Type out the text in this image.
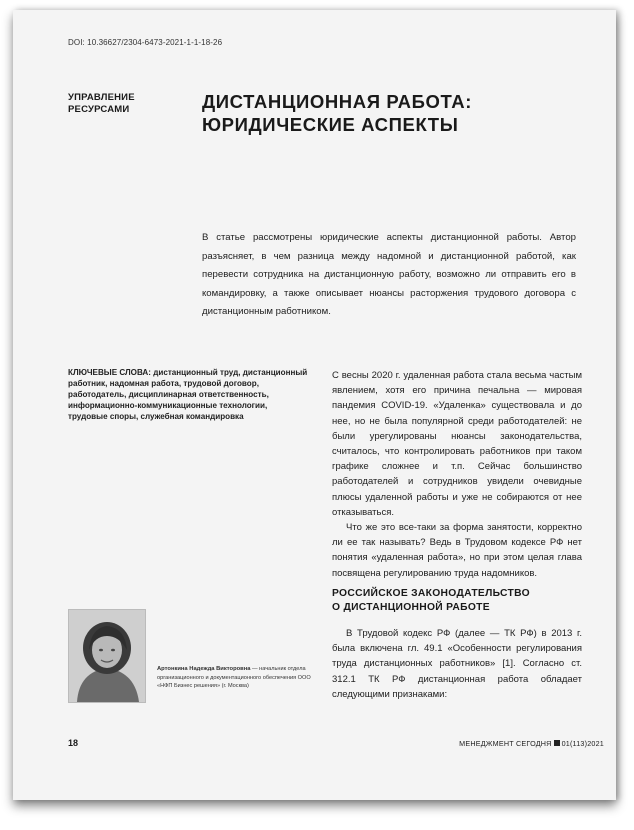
DOI: 10.36627/2304-6473-2021-1-1-18-26
УПРАВЛЕНИЕ
РЕСУРСАМИ	ДИСТАНЦИОННАЯ РАБОТА:
ЮРИДИЧЕСКИЕ АСПЕКТЫ
В статье рассмотрены юридические аспекты дистанционной работы. Автор разъясняет, в чем разница между надомной и дистанционной работой, как перевести сотрудника на дистанционную работу, возможно ли отправить его в командировку, а также описывает нюансы расторжения трудового договора с дистанционным работником.
КЛЮЧЕВЫЕ СЛОВА: дистанционный труд, дистанционный работник, надомная работа, трудовой договор, работодатель, дисциплинарная ответственность, информационно-коммуникационные технологии, трудовые споры, служебная командировка

С весны 2020 г. удаленная работа стала весьма частым явлением, хотя его причина печальна — мировая пандемия COVID-19. «Удаленка» существовала и до нее, но не была популярной среди работодателей: не были урегулированы нюансы законодательства, считалось, что контролировать работников при таком графике сложнее и т.п. Сейчас большинство работодателей и сотрудников увидели очевидные плюсы удаленной работы и уже не собираются от нее отказываться.

Что же это все-таки за форма занятости, корректно ли ее так называть? Ведь в Трудовом кодексе РФ нет понятия «удаленная работа», но при этом целая глава посвящена регулированию труда надомников.

РОССИЙСКОЕ ЗАКОНОДАТЕЛЬСТВО
О ДИСТАНЦИОННОЙ РАБОТЕ

В Трудовой кодекс РФ (далее — ТК РФ) в 2013 г. была включена гл. 49.1 «Особенности регулирования труда дистанционных работников» [1]. Согласно ст. 312.1 ТК РФ дистанционная работа обладает следующими признаками:

Артонкина Надежда Викторовна — начальник отдела организационного и документационного обеспечения ООО «НФП Бизнес решения» (г. Москва)
18	МЕНЕДЖМЕНТ СЕГОДНЯ 01(113)2021
